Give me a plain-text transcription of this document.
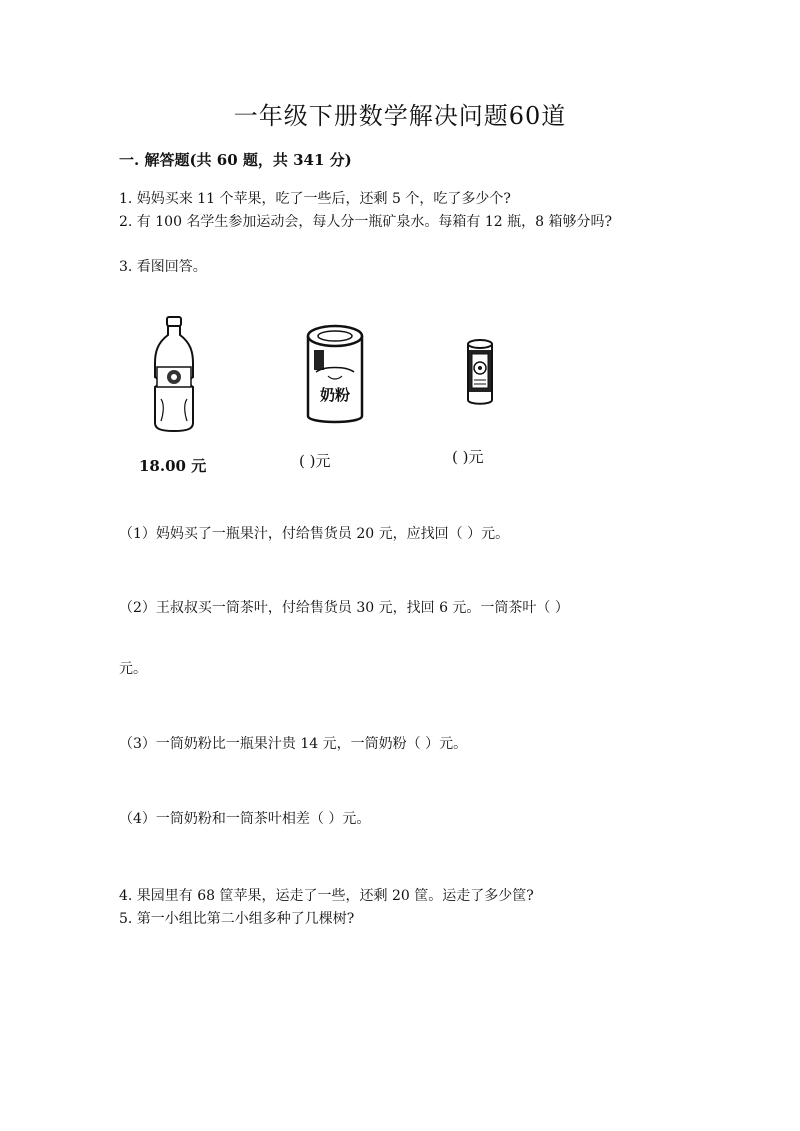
一年级下册数学解决问题60道
一. 解答题(共 60 题，共 341 分)
1. 妈妈买来 11 个苹果，吃了一些后，还剩 5 个，吃了多少个?
2. 有 100 名学生参加运动会，每人分一瓶矿泉水。每箱有 12 瓶，8 箱够分吗?
3. 看图回答。
18.00 元
奶粉
( )元	( )元
（1）妈妈买了一瓶果汁，付给售货员 20 元，应找回（ ）元。
（2）王叔叔买一筒茶叶，付给售货员 30 元，找回 6 元。一筒茶叶（ ）
元。
（3）一筒奶粉比一瓶果汁贵 14 元，一筒奶粉（ ）元。
（4）一筒奶粉和一筒茶叶相差（ ）元。
4. 果园里有 68 筐苹果，运走了一些，还剩 20 筐。运走了多少筐?
5. 第一小组比第二小组多种了几棵树?
